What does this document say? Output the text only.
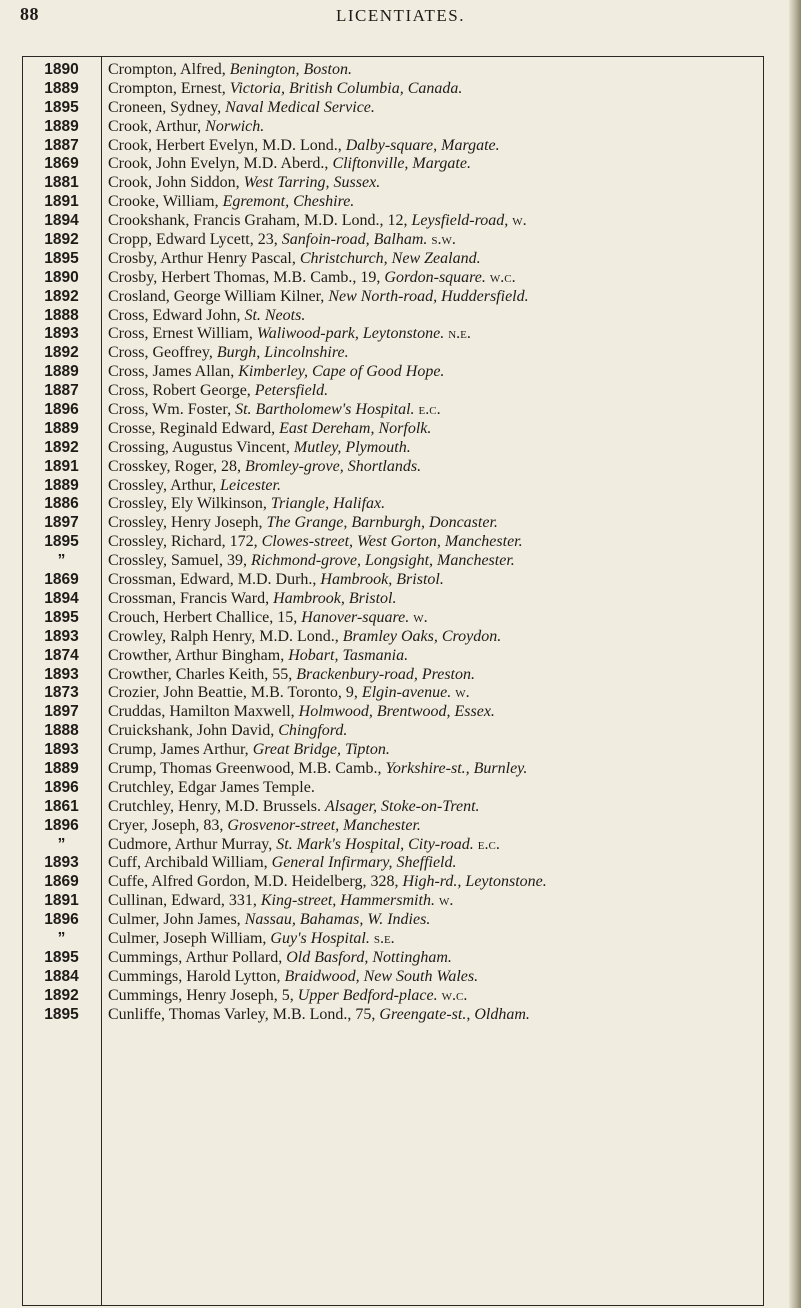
88	LICENTIATES.
1890	Crompton, Alfred, Benington, Boston.
1889	Crompton, Ernest, Victoria, British Columbia, Canada.
1895	Croneen, Sydney, Naval Medical Service.
1889	Crook, Arthur, Norwich.
1887	Crook, Herbert Evelyn, M.D. Lond., Dalby-square, Margate.
1869	Crook, John Evelyn, M.D. Aberd., Cliftonville, Margate.
1881	Crook, John Siddon, West Tarring, Sussex.
1891	Crooke, William, Egremont, Cheshire.
1894	Crookshank, Francis Graham, M.D. Lond., 12, Leysfield-road, w.
1892	Cropp, Edward Lycett, 23, Sanfoin-road, Balham. s.w.
1895	Crosby, Arthur Henry Pascal, Christchurch, New Zealand.
1890	Crosby, Herbert Thomas, M.B. Camb., 19, Gordon-square. w.c.
1892	Crosland, George William Kilner, New North-road, Huddersfield.
1888	Cross, Edward John, St. Neots.
1893	Cross, Ernest William, Waliwood-park, Leytonstone. n.e.
1892	Cross, Geoffrey, Burgh, Lincolnshire.
1889	Cross, James Allan, Kimberley, Cape of Good Hope.
1887	Cross, Robert George, Petersfield.
1896	Cross, Wm. Foster, St. Bartholomew's Hospital. e.c.
1889	Crosse, Reginald Edward, East Dereham, Norfolk.
1892	Crossing, Augustus Vincent, Mutley, Plymouth.
1891	Crosskey, Roger, 28, Bromley-grove, Shortlands.
1889	Crossley, Arthur, Leicester.
1886	Crossley, Ely Wilkinson, Triangle, Halifax.
1897	Crossley, Henry Joseph, The Grange, Barnburgh, Doncaster.
1895	Crossley, Richard, 172, Clowes-street, West Gorton, Manchester.
”	Crossley, Samuel, 39, Richmond-grove, Longsight, Manchester.
1869	Crossman, Edward, M.D. Durh., Hambrook, Bristol.
1894	Crossman, Francis Ward, Hambrook, Bristol.
1895	Crouch, Herbert Challice, 15, Hanover-square. w.
1893	Crowley, Ralph Henry, M.D. Lond., Bramley Oaks, Croydon.
1874	Crowther, Arthur Bingham, Hobart, Tasmania.
1893	Crowther, Charles Keith, 55, Brackenbury-road, Preston.
1873	Crozier, John Beattie, M.B. Toronto, 9, Elgin-avenue. w.
1897	Cruddas, Hamilton Maxwell, Holmwood, Brentwood, Essex.
1888	Cruickshank, John David, Chingford.
1893	Crump, James Arthur, Great Bridge, Tipton.
1889	Crump, Thomas Greenwood, M.B. Camb., Yorkshire-st., Burnley.
1896	Crutchley, Edgar James Temple.
1861	Crutchley, Henry, M.D. Brussels. Alsager, Stoke-on-Trent.
1896	Cryer, Joseph, 83, Grosvenor-street, Manchester.
”	Cudmore, Arthur Murray, St. Mark's Hospital, City-road. e.c.
1893	Cuff, Archibald William, General Infirmary, Sheffield.
1869	Cuffe, Alfred Gordon, M.D. Heidelberg, 328, High-rd., Leytonstone.
1891	Cullinan, Edward, 331, King-street, Hammersmith. w.
1896	Culmer, John James, Nassau, Bahamas, W. Indies.
”	Culmer, Joseph William, Guy's Hospital. s.e.
1895	Cummings, Arthur Pollard, Old Basford, Nottingham.
1884	Cummings, Harold Lytton, Braidwood, New South Wales.
1892	Cummings, Henry Joseph, 5, Upper Bedford-place. w.c.
1895	Cunliffe, Thomas Varley, M.B. Lond., 75, Greengate-st., Oldham.
